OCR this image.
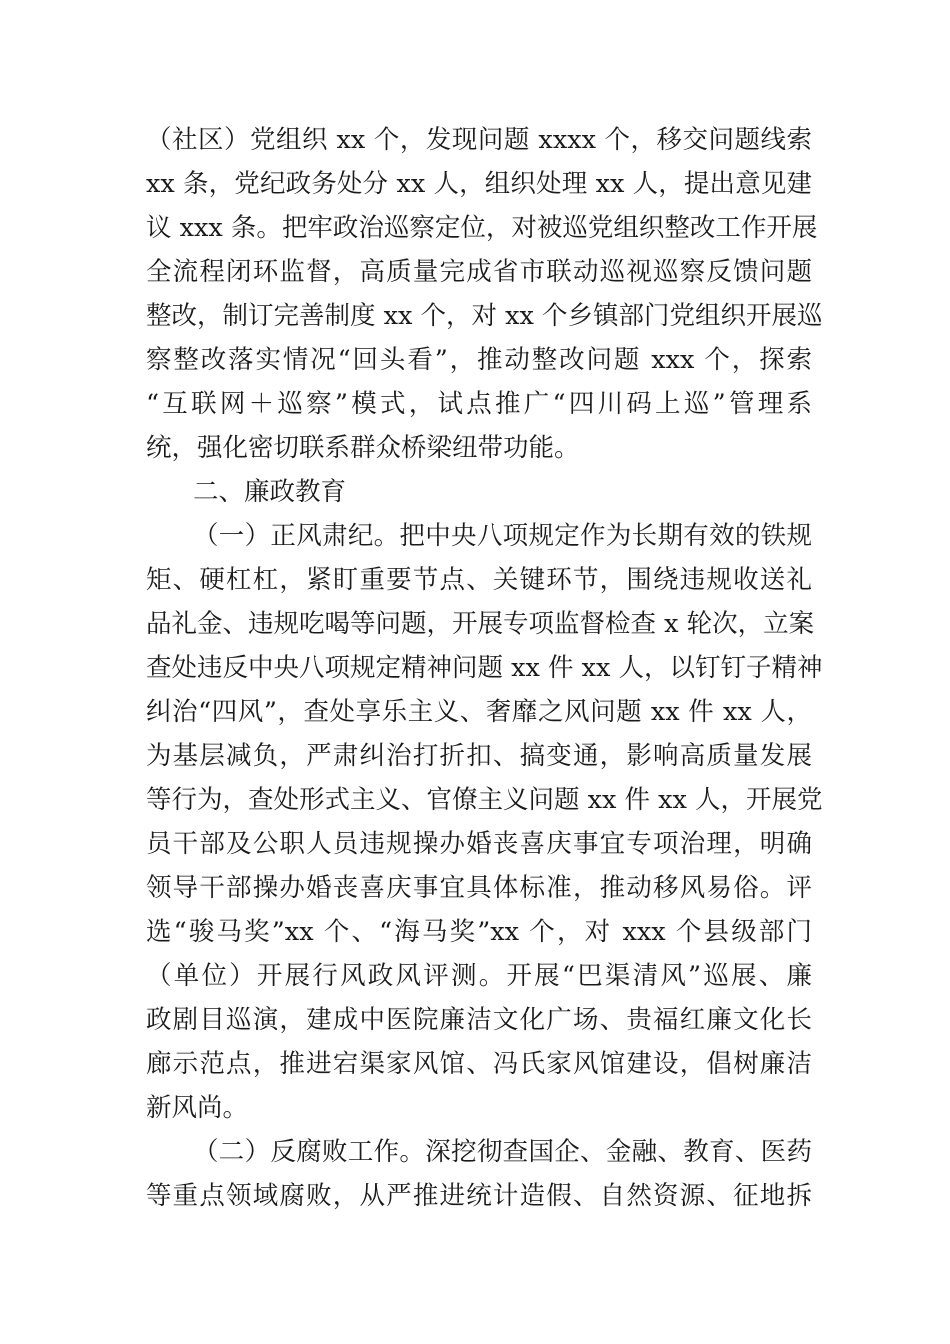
（社区）党组织 xx 个，发现问题 xxxx 个，移交问题线索
xx 条，党纪政务处分 xx 人，组织处理 xx 人，提出意见建
议 xxx 条。把牢政治巡察定位，对被巡党组织整改工作开展
全流程闭环监督，高质量完成省市联动巡视巡察反馈问题
整改，制订完善制度 xx 个，对 xx 个乡镇部门党组织开展巡
察整改落实情况“回头看”，推动整改问题 xxx 个，探索
“互联网＋巡察”模式，试点推广“四川码上巡”管理系
统，强化密切联系群众桥梁纽带功能。
二、廉政教育
（一）正风肃纪。把中央八项规定作为长期有效的铁规
矩、硬杠杠，紧盯重要节点、关键环节，围绕违规收送礼
品礼金、违规吃喝等问题，开展专项监督检查 x 轮次，立案
查处违反中央八项规定精神问题 xx 件 xx 人，以钉钉子精神
纠治“四风”，查处享乐主义、奢靡之风问题 xx 件 xx 人，
为基层减负，严肃纠治打折扣、搞变通，影响高质量发展
等行为，查处形式主义、官僚主义问题 xx 件 xx 人，开展党
员干部及公职人员违规操办婚丧喜庆事宜专项治理，明确
领导干部操办婚丧喜庆事宜具体标准，推动移风易俗。评
选“骏马奖”xx 个、“海马奖”xx 个，对 xxx 个县级部门
（单位）开展行风政风评测。开展“巴渠清风”巡展、廉
政剧目巡演，建成中医院廉洁文化广场、贵福红廉文化长
廊示范点，推进宕渠家风馆、冯氏家风馆建设，倡树廉洁
新风尚。
（二）反腐败工作。深挖彻查国企、金融、教育、医药
等重点领域腐败，从严推进统计造假、自然资源、征地拆
